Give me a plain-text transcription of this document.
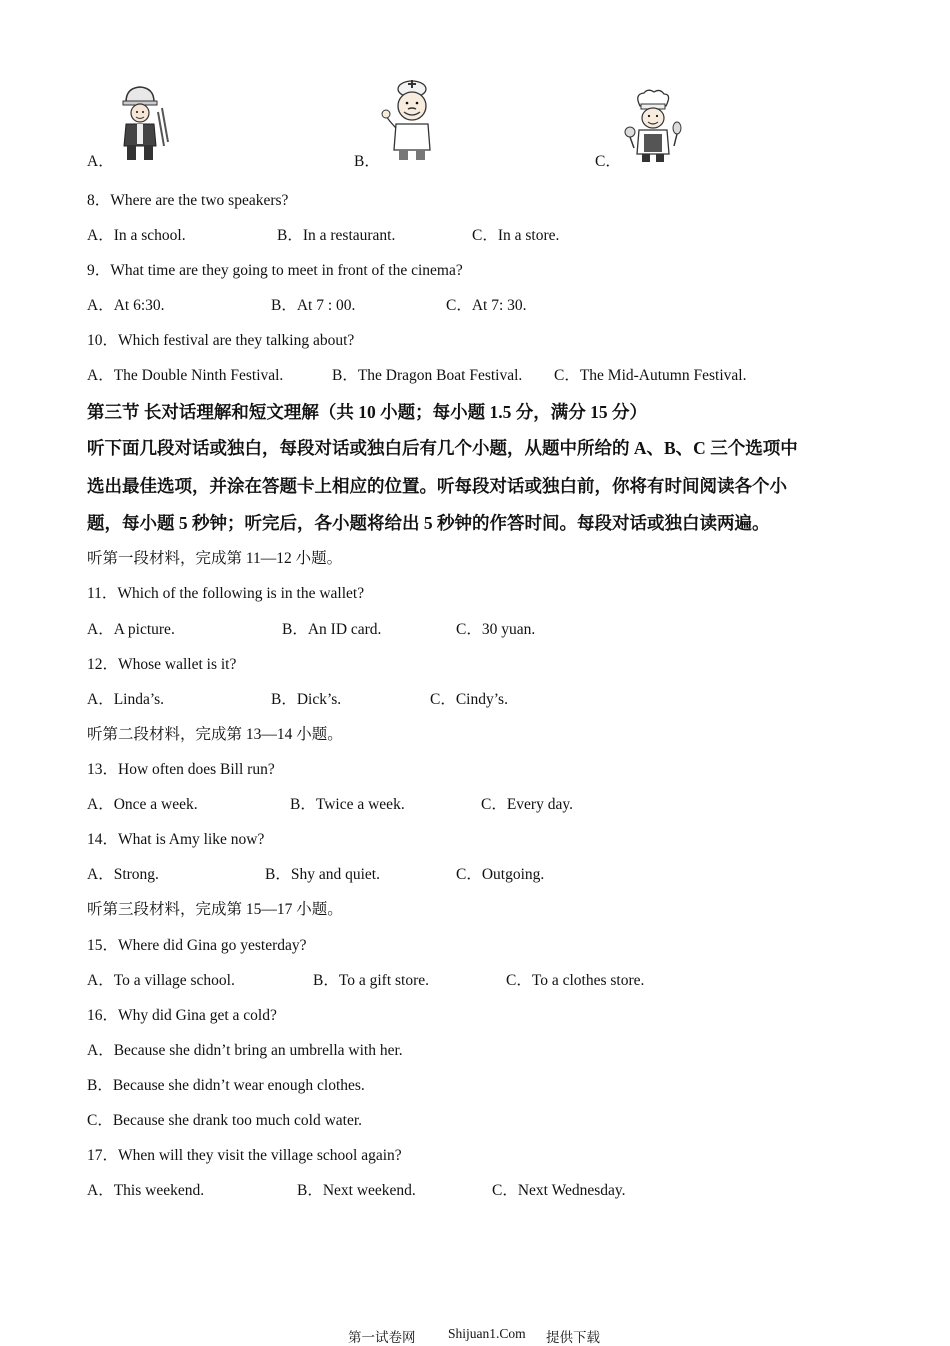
A．	B．	C．
8．Where are the two speakers?
A．In a school.	B．In a restaurant.	C．In a store.
9．What time are they going to meet in front of the cinema?
A．At 6:30.	B．At 7 : 00.	C．At 7: 30.
10．Which festival are they talking about?
A．The Double Ninth Festival.	B．The Dragon Boat Festival. C．The Mid-Autumn Festival.
第三节 长对话理解和短文理解（共 10 小题；每小题 1.5 分，满分 15 分）
听下面几段对话或独白，每段对话或独白后有几个小题，从题中所给的 A、B、C 三个选项中
选出最佳选项，并涂在答题卡上相应的位置。听每段对话或独白前，你将有时间阅读各个小
题，每小题 5 秒钟；听完后，各小题将给出 5 秒钟的作答时间。每段对话或独白读两遍。
听第一段材料，完成第 11—12 小题。
11．Which of the following is in the wallet?
A．A picture.	B．An ID card.	C．30 yuan.
12．Whose wallet is it?
A．Linda’s.	B．Dick’s.	C．Cindy’s.
听第二段材料，完成第 13—14 小题。
13．How often does Bill run?
A．Once a week.	B．Twice a week.	C．Every day.
14．What is Amy like now?
A．Strong.	B．Shy and quiet.	C．Outgoing.
听第三段材料，完成第 15—17 小题。
15．Where did Gina go yesterday?
A．To a village school.	B．To a gift store.	C．To a clothes store.
16．Why did Gina get a cold?
A．Because she didn’t bring an umbrella with her.
B．Because she didn’t wear enough clothes.
C．Because she drank too much cold water.
17．When will they visit the village school again?
A．This weekend.	B．Next weekend.	C．Next Wednesday.
第一试卷网 Shijuan1.Com 提供下载
